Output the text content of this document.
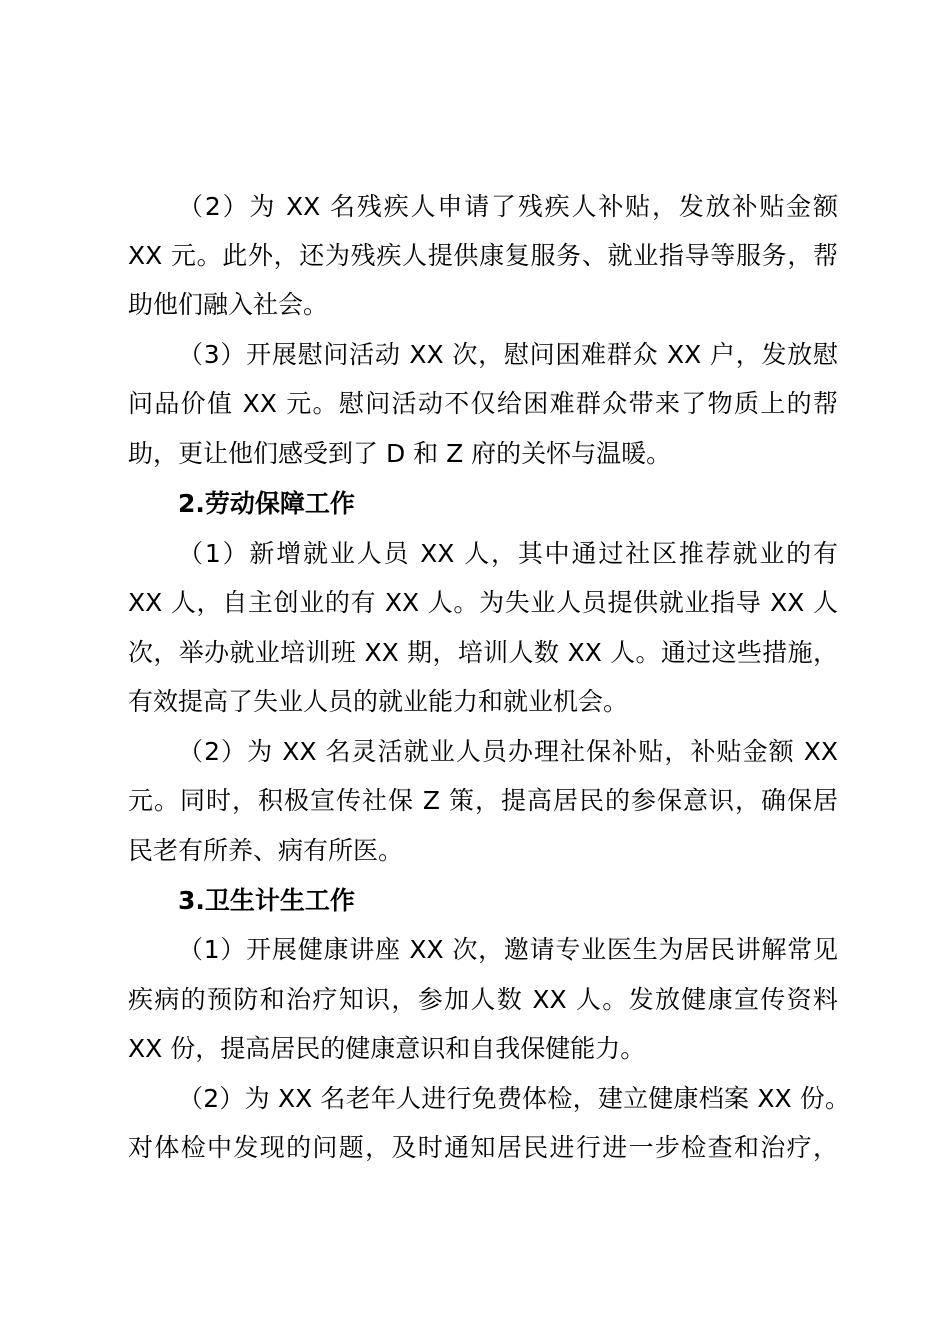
（2）为 XX 名残疾人申请了残疾人补贴，发放补贴金额
XX 元。此外，还为残疾人提供康复服务、就业指导等服务，帮
助他们融入社会。
（3）开展慰问活动 XX 次，慰问困难群众 XX 户，发放慰
问品价值 XX 元。慰问活动不仅给困难群众带来了物质上的帮
助，更让他们感受到了 D 和 Z 府的关怀与温暖。
2.劳动保障工作
（1）新增就业人员 XX 人，其中通过社区推荐就业的有
XX 人，自主创业的有 XX 人。为失业人员提供就业指导 XX 人
次，举办就业培训班 XX 期，培训人数 XX 人。通过这些措施，
有效提高了失业人员的就业能力和就业机会。
（2）为 XX 名灵活就业人员办理社保补贴，补贴金额 XX
元。同时，积极宣传社保 Z 策，提高居民的参保意识，确保居
民老有所养、病有所医。
3.卫生计生工作
（1）开展健康讲座 XX 次，邀请专业医生为居民讲解常见
疾病的预防和治疗知识，参加人数 XX 人。发放健康宣传资料
XX 份，提高居民的健康意识和自我保健能力。
（2）为 XX 名老年人进行免费体检，建立健康档案 XX 份。
对体检中发现的问题，及时通知居民进行进一步检查和治疗，
